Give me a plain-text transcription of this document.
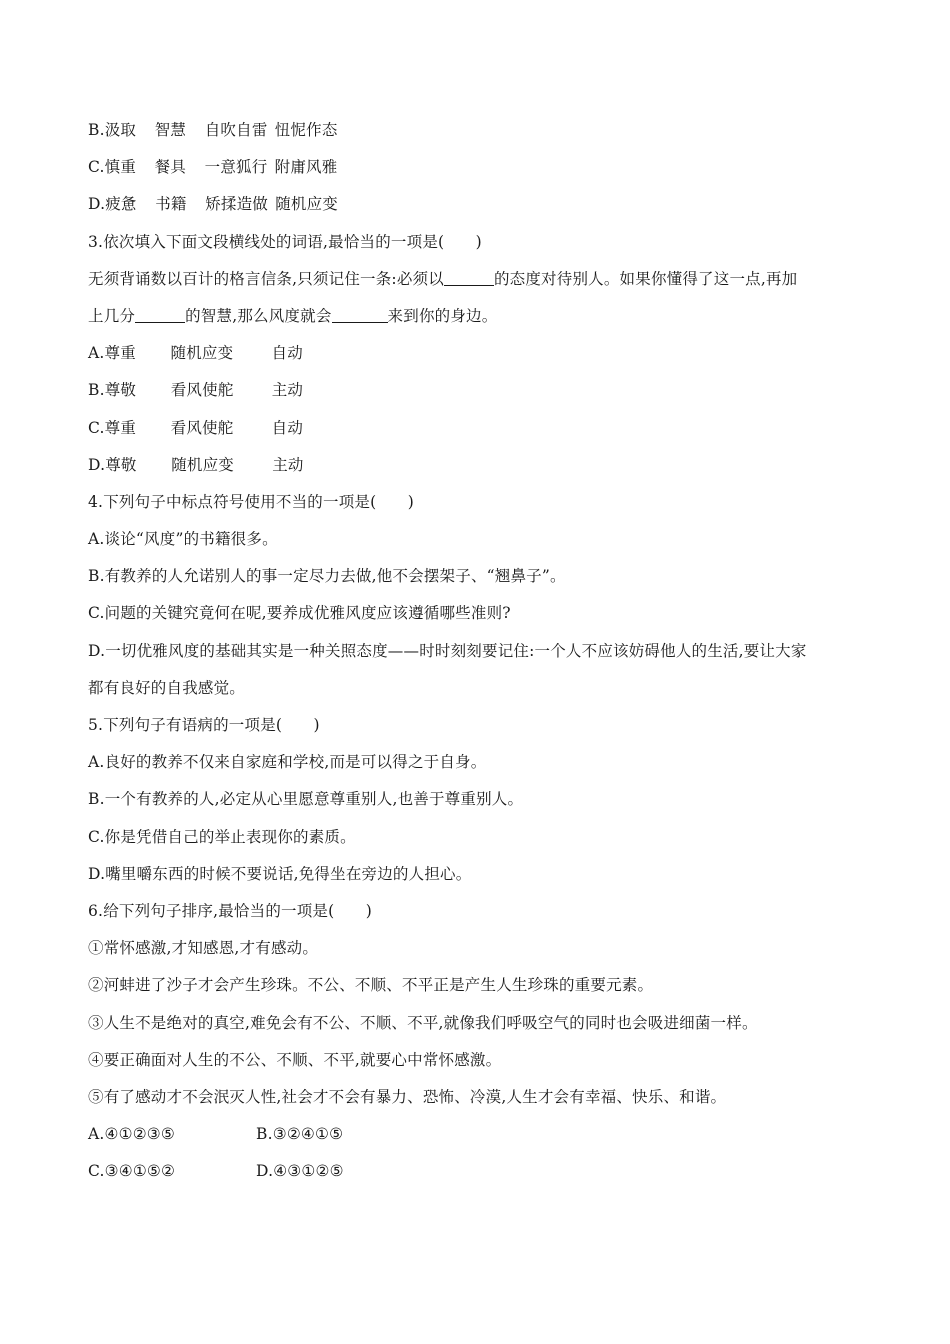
B.汲取 智慧 自吹自雷 忸怩作态
C.慎重 餐具 一意狐行 附庸风雅
D.疲惫 书籍 矫揉造做 随机应变
3.依次填入下面文段横线处的词语,最恰当的一项是(　　)
无须背诵数以百计的格言信条,只须记住一条:必须以	的态度对待别人。如果你懂得了这一点,再加
上几分	的智慧,那么风度就会	来到你的身边。
A.尊重 随机应变 自动
B.尊敬 看风使舵 主动
C.尊重 看风使舵 自动
D.尊敬 随机应变 主动
4.下列句子中标点符号使用不当的一项是(　　)
A.谈论“风度”的书籍很多。
B.有教养的人允诺别人的事一定尽力去做,他不会摆架子、“翘鼻子”。
C.问题的关键究竟何在呢,要养成优雅风度应该遵循哪些准则?
D.一切优雅风度的基础其实是一种关照态度——时时刻刻要记住:一个人不应该妨碍他人的生活,要让大家
都有良好的自我感觉。
5.下列句子有语病的一项是(　　)
A.良好的教养不仅来自家庭和学校,而是可以得之于自身。
B.一个有教养的人,必定从心里愿意尊重别人,也善于尊重别人。
C.你是凭借自己的举止表现你的素质。
D.嘴里嚼东西的时候不要说话,免得坐在旁边的人担心。
6.给下列句子排序,最恰当的一项是(　　)
①常怀感激,才知感恩,才有感动。
②河蚌进了沙子才会产生珍珠。不公、不顺、不平正是产生人生珍珠的重要元素。
③人生不是绝对的真空,难免会有不公、不顺、不平,就像我们呼吸空气的同时也会吸进细菌一样。
④要正确面对人生的不公、不顺、不平,就要心中常怀感激。
⑤有了感动才不会泯灭人性,社会才不会有暴力、恐怖、冷漠,人生才会有幸福、快乐、和谐。
A.④①②③⑤	B.③②④①⑤
C.③④①⑤②	D.④③①②⑤
